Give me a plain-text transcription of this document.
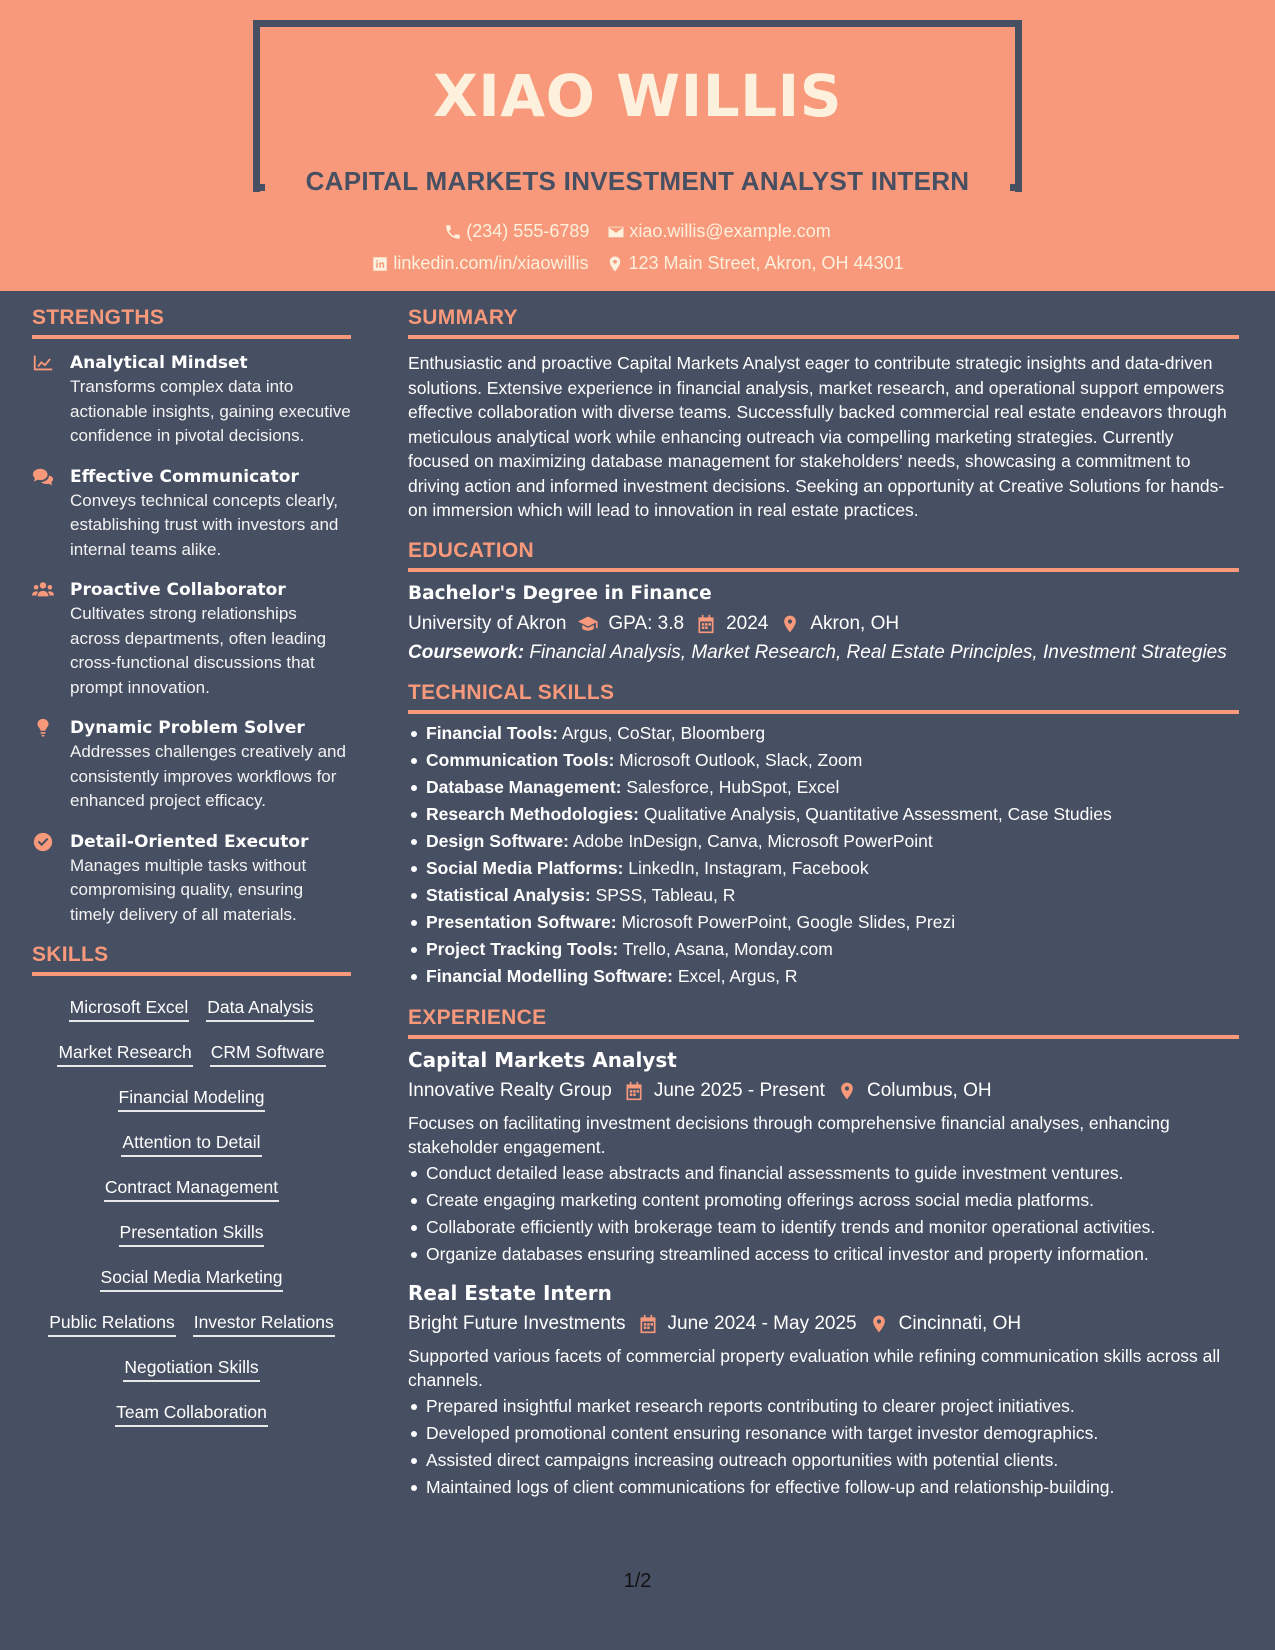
XIAO WILLIS
CAPITAL MARKETS INVESTMENT ANALYST INTERN
(234) 555-6789 xiao.willis@example.com
linkedin.com/in/xiaowillis 123 Main Street, Akron, OH 44301
STRENGTHS
Analytical Mindset
Transforms complex data into actionable insights, gaining executive confidence in pivotal decisions.
Effective Communicator
Conveys technical concepts clearly, establishing trust with investors and internal teams alike.
Proactive Collaborator
Cultivates strong relationships across departments, often leading cross-functional discussions that prompt innovation.
Dynamic Problem Solver
Addresses challenges creatively and consistently improves workflows for enhanced project efficacy.
Detail-Oriented Executor
Manages multiple tasks without compromising quality, ensuring timely delivery of all materials.
SKILLS
Microsoft Excel Data Analysis
Market Research CRM Software
Financial Modeling
Attention to Detail
Contract Management
Presentation Skills
Social Media Marketing
Public Relations Investor Relations
Negotiation Skills
Team Collaboration
SUMMARY
Enthusiastic and proactive Capital Markets Analyst eager to contribute strategic insights and data-driven solutions. Extensive experience in financial analysis, market research, and operational support empowers effective collaboration with diverse teams. Successfully backed commercial real estate endeavors through meticulous analytical work while enhancing outreach via compelling marketing strategies. Currently focused on maximizing database management for stakeholders' needs, showcasing a commitment to driving action and informed investment decisions. Seeking an opportunity at Creative Solutions for hands-on immersion which will lead to innovation in real estate practices.
EDUCATION
Bachelor's Degree in Finance
University of Akron GPA: 3.8 2024 Akron, OH
Coursework: Financial Analysis, Market Research, Real Estate Principles, Investment Strategies
TECHNICAL SKILLS
Financial Tools: Argus, CoStar, Bloomberg
Communication Tools: Microsoft Outlook, Slack, Zoom
Database Management: Salesforce, HubSpot, Excel
Research Methodologies: Qualitative Analysis, Quantitative Assessment, Case Studies
Design Software: Adobe InDesign, Canva, Microsoft PowerPoint
Social Media Platforms: LinkedIn, Instagram, Facebook
Statistical Analysis: SPSS, Tableau, R
Presentation Software: Microsoft PowerPoint, Google Slides, Prezi
Project Tracking Tools: Trello, Asana, Monday.com
Financial Modelling Software: Excel, Argus, R
EXPERIENCE
Capital Markets Analyst
Innovative Realty Group June 2025 - Present Columbus, OH
Focuses on facilitating investment decisions through comprehensive financial analyses, enhancing stakeholder engagement.
Conduct detailed lease abstracts and financial assessments to guide investment ventures.
Create engaging marketing content promoting offerings across social media platforms.
Collaborate efficiently with brokerage team to identify trends and monitor operational activities.
Organize databases ensuring streamlined access to critical investor and property information.
Real Estate Intern
Bright Future Investments June 2024 - May 2025 Cincinnati, OH
Supported various facets of commercial property evaluation while refining communication skills across all channels.
Prepared insightful market research reports contributing to clearer project initiatives.
Developed promotional content ensuring resonance with target investor demographics.
Assisted direct campaigns increasing outreach opportunities with potential clients.
Maintained logs of client communications for effective follow-up and relationship-building.
1/2
